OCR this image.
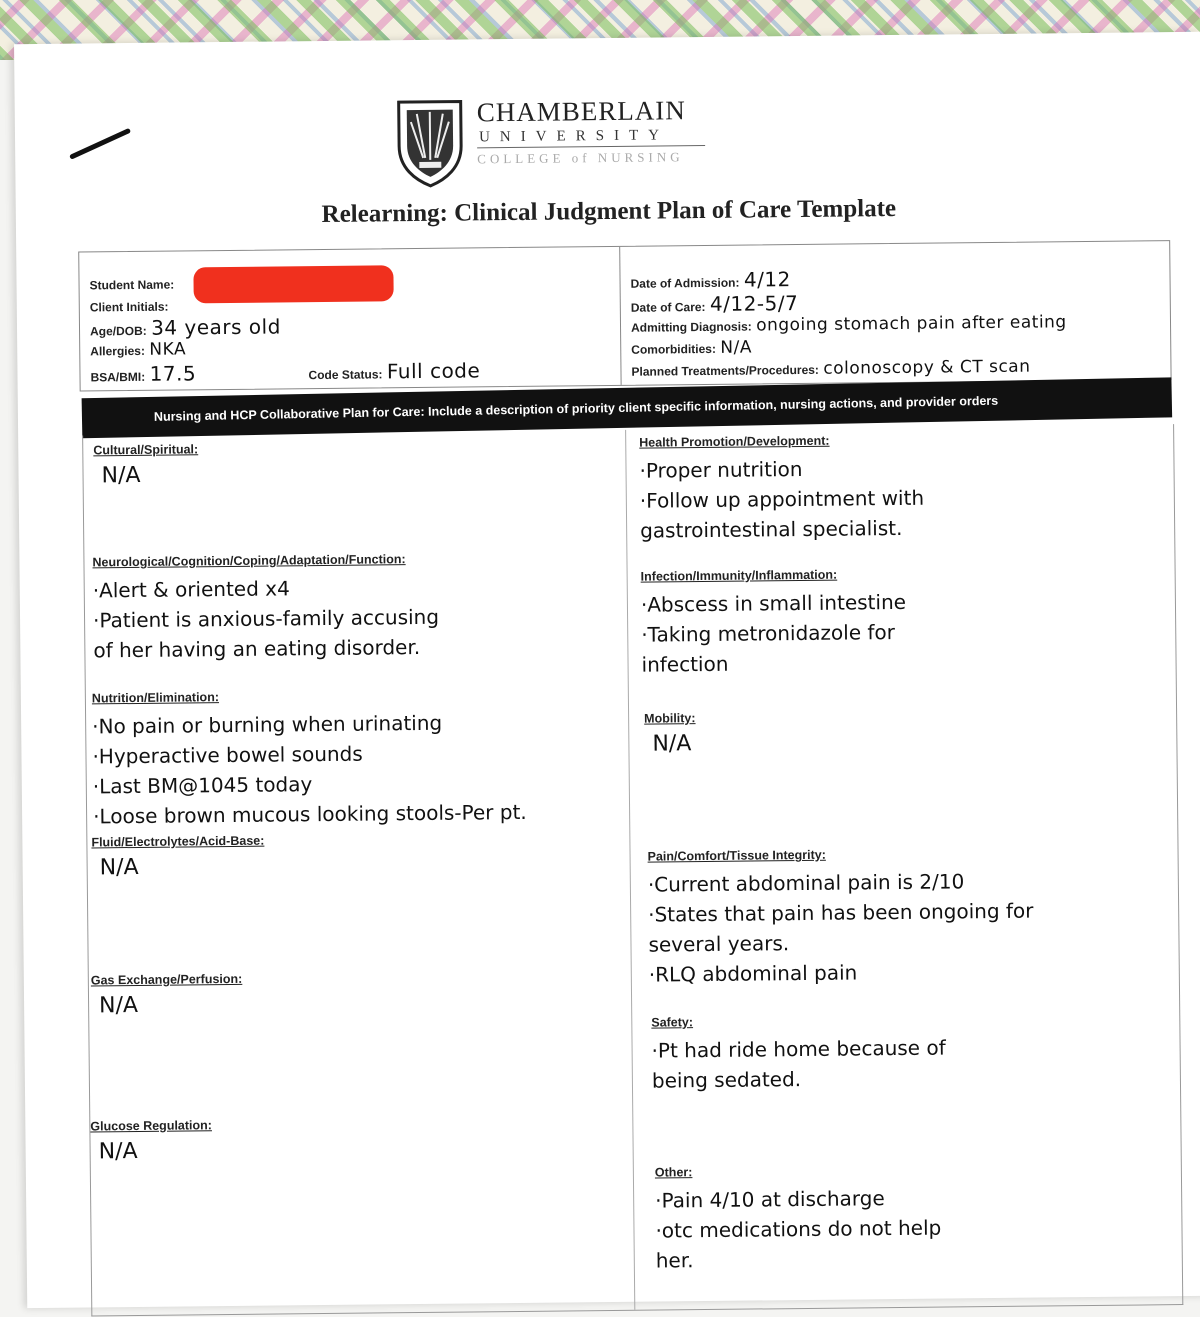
CHAMBERLAIN
UNIVERSITY
COLLEGE of NURSING
Relearning: Clinical Judgment Plan of Care Template
Student Name:
Client Initials:
Age/DOB: 34 years old
Allergies: NKA
BSA/BMI: 17.5	Code Status: Full code
Date of Admission: 4/12
Date of Care: 4/12-5/7
Admitting Diagnosis: ongoing stomach pain after eating
Comorbidities: N/A
Planned Treatments/Procedures: colonoscopy & CT scan
Nursing and HCP Collaborative Plan for Care: Include a description of priority client specific information, nursing actions, and provider orders
Cultural/Spiritual:
N/A
Neurological/Cognition/Coping/Adaptation/Function:
·Alert & oriented x4
·Patient is anxious-family accusing
of her having an eating disorder.
Nutrition/Elimination:
·No pain or burning when urinating
·Hyperactive bowel sounds
·Last BM@1045 today
·Loose brown mucous looking stools-Per pt.
Fluid/Electrolytes/Acid-Base:
N/A
Gas Exchange/Perfusion:
N/A
Glucose Regulation:
N/A
Health Promotion/Development:
·Proper nutrition
·Follow up appointment with
gastrointestinal specialist.
Infection/Immunity/Inflammation:
·Abscess in small intestine
·Taking metronidazole for
infection
Mobility:
N/A
Pain/Comfort/Tissue Integrity:
·Current abdominal pain is 2/10
·States that pain has been ongoing for
several years.
·RLQ abdominal pain
Safety:
·Pt had ride home because of
being sedated.
Other:
·Pain 4/10 at discharge
·otc medications do not help
her.
